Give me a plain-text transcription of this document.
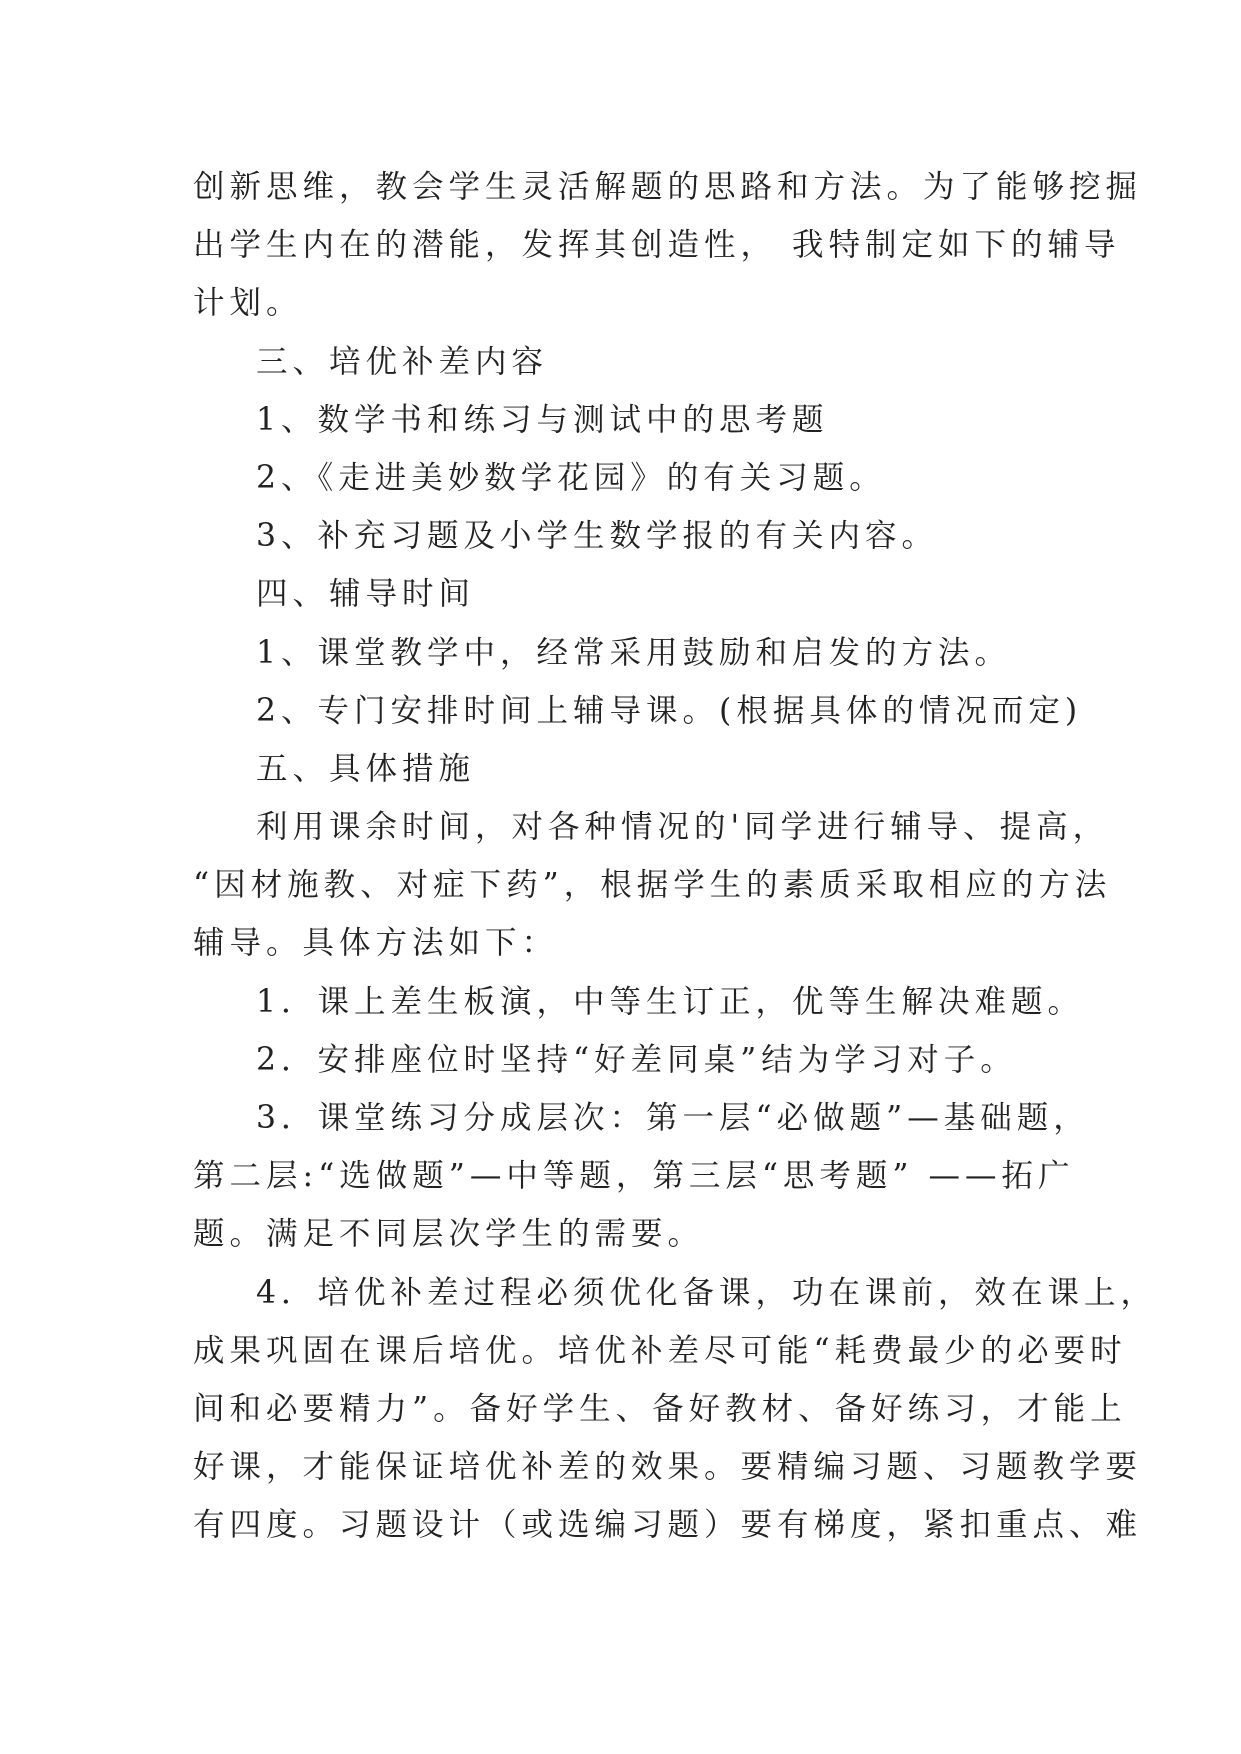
创新思维，教会学生灵活解题的思路和方法。为了能够挖掘
出学生内在的潜能，发挥其创造性， 我特制定如下的辅导
计划。
三、培优补差内容
1、数学书和练习与测试中的思考题
2、《走进美妙数学花园》的有关习题。
3、补充习题及小学生数学报的有关内容。
四、辅导时间
1、课堂教学中，经常采用鼓励和启发的方法。
2、专门安排时间上辅导课。(根据具体的情况而定)
五、具体措施
利用课余时间，对各种情况的'同学进行辅导、提高，
“因材施教、对症下药”，根据学生的素质采取相应的方法
辅导。具体方法如下：
1．课上差生板演，中等生订正，优等生解决难题。
2．安排座位时坚持“好差同桌”结为学习对子。
3．课堂练习分成层次：第一层“必做题”—基础题，
第二层:“选做题”—中等题，第三层“思考题” ——拓广
题。满足不同层次学生的需要。
4．培优补差过程必须优化备课，功在课前，效在课上，
成果巩固在课后培优。培优补差尽可能“耗费最少的必要时
间和必要精力”。备好学生、备好教材、备好练习，才能上
好课，才能保证培优补差的效果。要精编习题、习题教学要
有四度。习题设计（或选编习题）要有梯度，紧扣重点、难
